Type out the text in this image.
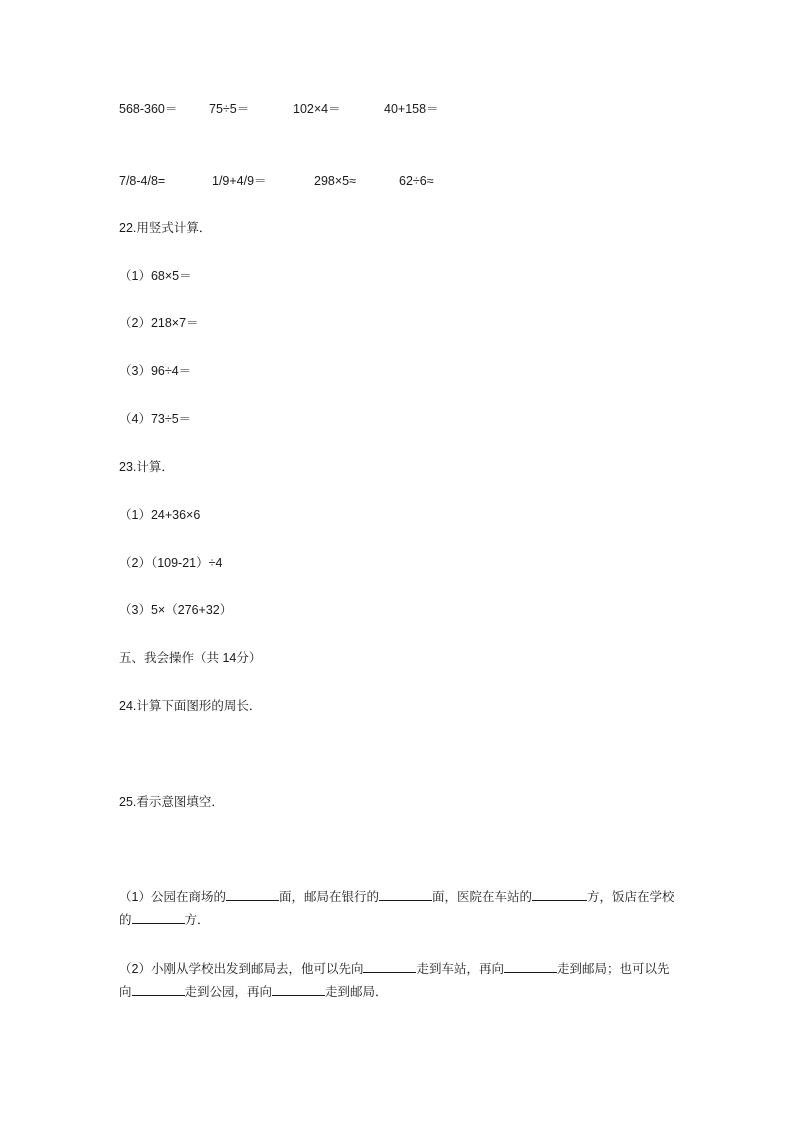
568-360＝	75÷5＝	102×4＝	40+158＝
7/8-4/8=	1/9+4/9＝	298×5≈	62÷6≈
22.用竖式计算．
（1）68×5＝
（2）218×7＝
（3）96÷4＝
（4）73÷5＝
23.计算．
（1）24+36×6
（2）（109-21）÷4
（3）5×（276+32）
五、我会操作（共 14分）
24.计算下面图形的周长．
25.看示意图填空．
（1）公园在商场的	面，邮局在银行的	面，医院在车站的	方，饭店在学校的	方．
（2）小刚从学校出发到邮局去，他可以先向	走到车站，再向	走到邮局；也可以先向	走到公园，再向	走到邮局．
